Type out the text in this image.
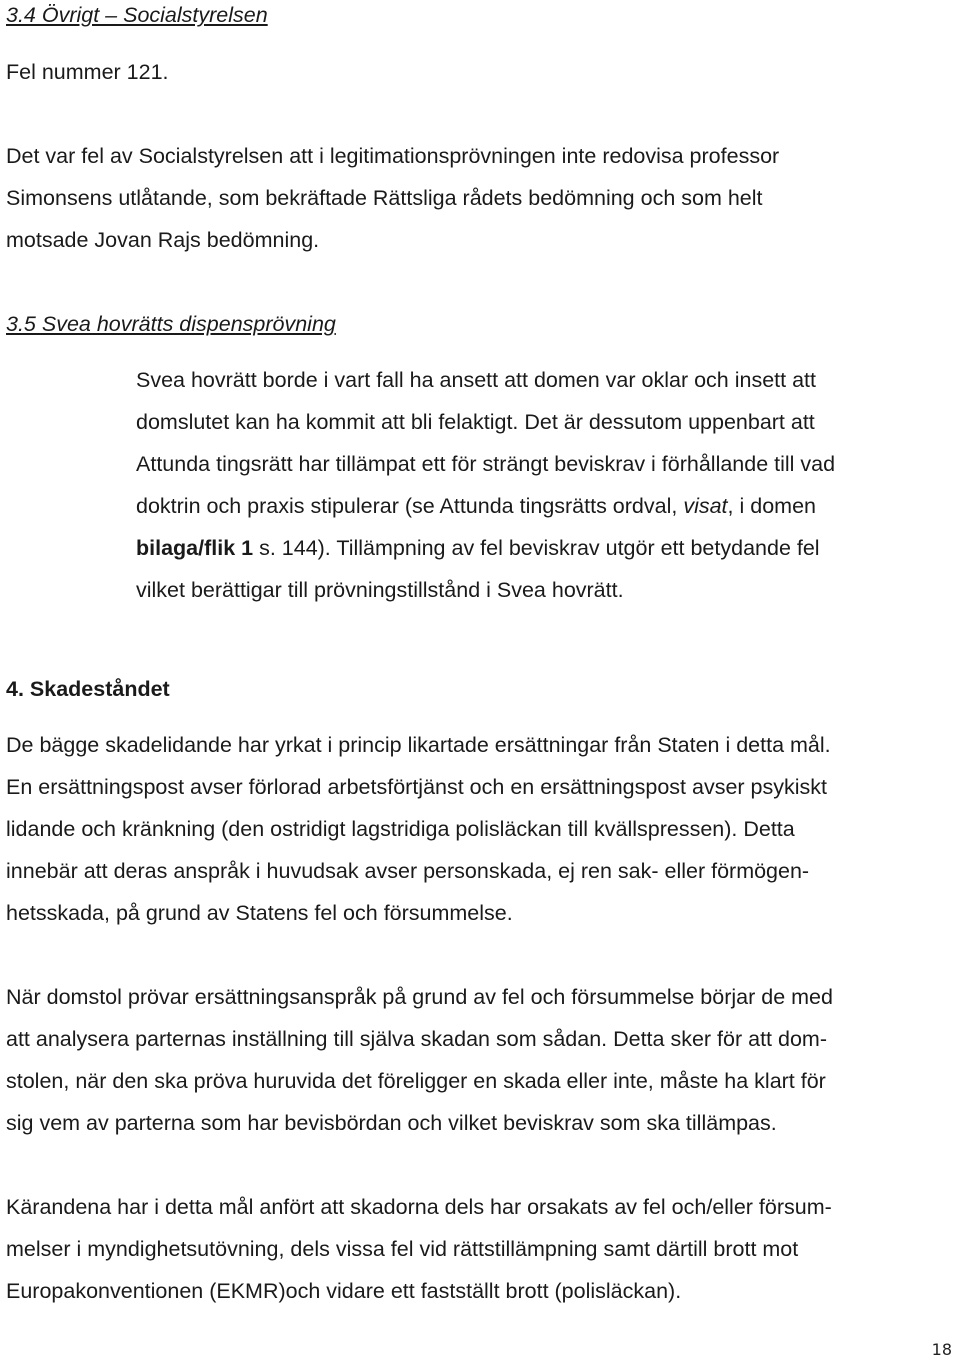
3.4 Övrigt – Socialstyrelsen
Fel nummer 121.
Det var fel av Socialstyrelsen att i legitimationsprövningen inte redovisa professor
Simonsens utlåtande, som bekräftade Rättsliga rådets bedömning och som helt
motsade Jovan Rajs bedömning.
3.5 Svea hovrätts dispensprövning
Svea hovrätt borde i vart fall ha ansett att domen var oklar och insett att
domslutet kan ha kommit att bli felaktigt. Det är dessutom uppenbart att
Attunda tingsrätt har tillämpat ett för strängt beviskrav i förhållande till vad
doktrin och praxis stipulerar (se Attunda tingsrätts ordval, visat, i domen
bilaga/flik 1 s. 144). Tillämpning av fel beviskrav utgör ett betydande fel
vilket berättigar till prövningstillstånd i Svea hovrätt.
4. Skadeståndet
De bägge skadelidande har yrkat i princip likartade ersättningar från Staten i detta mål.
En ersättningspost avser förlorad arbetsförtjänst och en ersättningspost avser psykiskt
lidande och kränkning (den ostridigt lagstridiga polisläckan till kvällspressen). Detta
innebär att deras anspråk i huvudsak avser personskada, ej ren sak- eller förmögen-
hetsskada, på grund av Statens fel och försummelse.
När domstol prövar ersättningsanspråk på grund av fel och försummelse börjar de med
att analysera parternas inställning till själva skadan som sådan. Detta sker för att dom-
stolen, när den ska pröva huruvida det föreligger en skada eller inte, måste ha klart för
sig vem av parterna som har bevisbördan och vilket beviskrav som ska tillämpas.
Kärandena har i detta mål anfört att skadorna dels har orsakats av fel och/eller försum-
melser i myndighetsutövning, dels vissa fel vid rättstillämpning samt därtill brott mot
Europakonventionen (EKMR)och vidare ett fastställt brott (polisläckan).
18
